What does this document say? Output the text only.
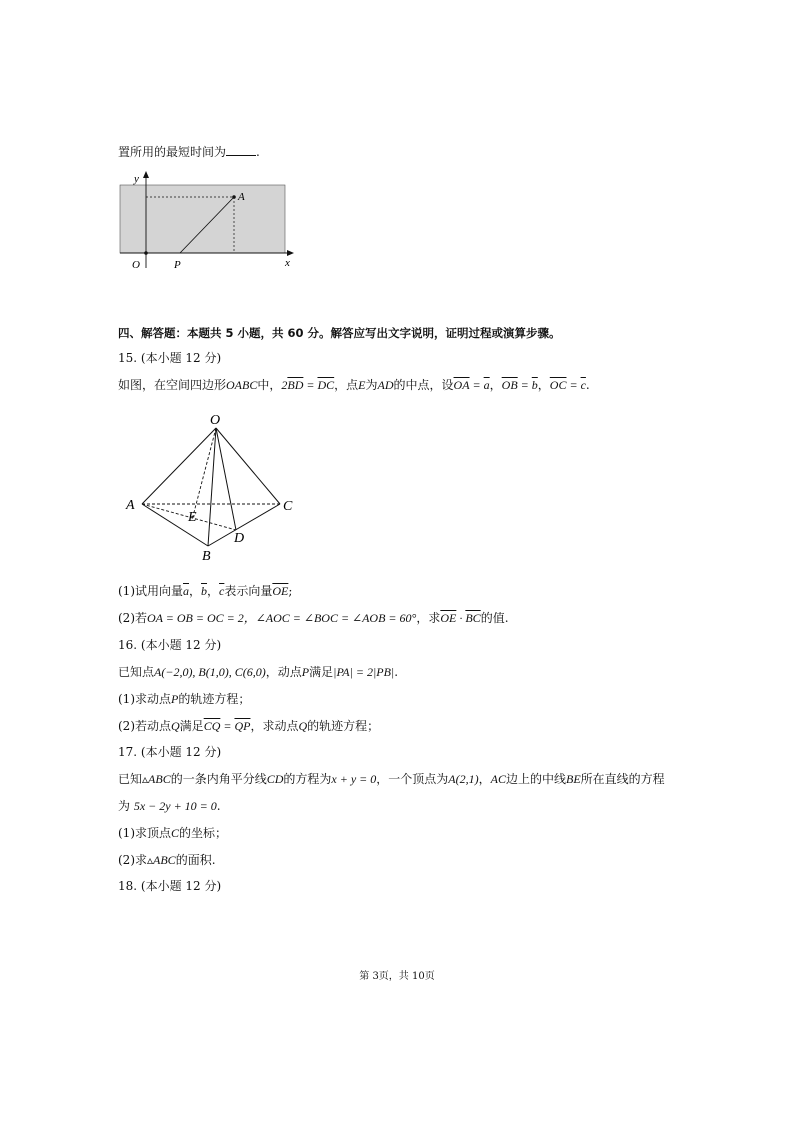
置所用的最短时间为	.
y
A
O	P	x
四、解答题：本题共 5 小题，共 60 分。解答应写出文字说明，证明过程或演算步骤。
15. (本小题 12 分)
如图，在空间四边形OABC中，$2\overline{BD} = \overline{DC}$，点E为AD的中点，设$\overline{OA} = \overline{a}$，$\overline{OB} = \overline{b}$，$\overline{OC} = \overline{c}$.
O
A	C
E
D
B
(1)试用向量$\overline{a}$，$\overline{b}$，$\overline{c}$表示向量$\overline{OE}$;
(2)若OA = OB = OC = 2，∠AOC = ∠BOC = ∠AOB = 60°，求$\overline{OE} \cdot \overline{BC}$的值.
16. (本小题 12 分)
已知点A(−2,0), B(1,0), C(6,0)，动点P满足|PA| = 2|PB|.
(1)求动点P的轨迹方程；
(2)若动点Q满足$\overline{CQ} = \overline{QP}$，求动点Q的轨迹方程；
17. (本小题 12 分)
已知▵ABC的一条内角平分线CD的方程为x + y = 0，一个顶点为A(2,1)，AC边上的中线BE所在直线的方程
为 5x − 2y + 10 = 0.
(1)求顶点C的坐标；
(2)求▵ABC的面积.
18. (本小题 12 分)
第 3页，共 10页
